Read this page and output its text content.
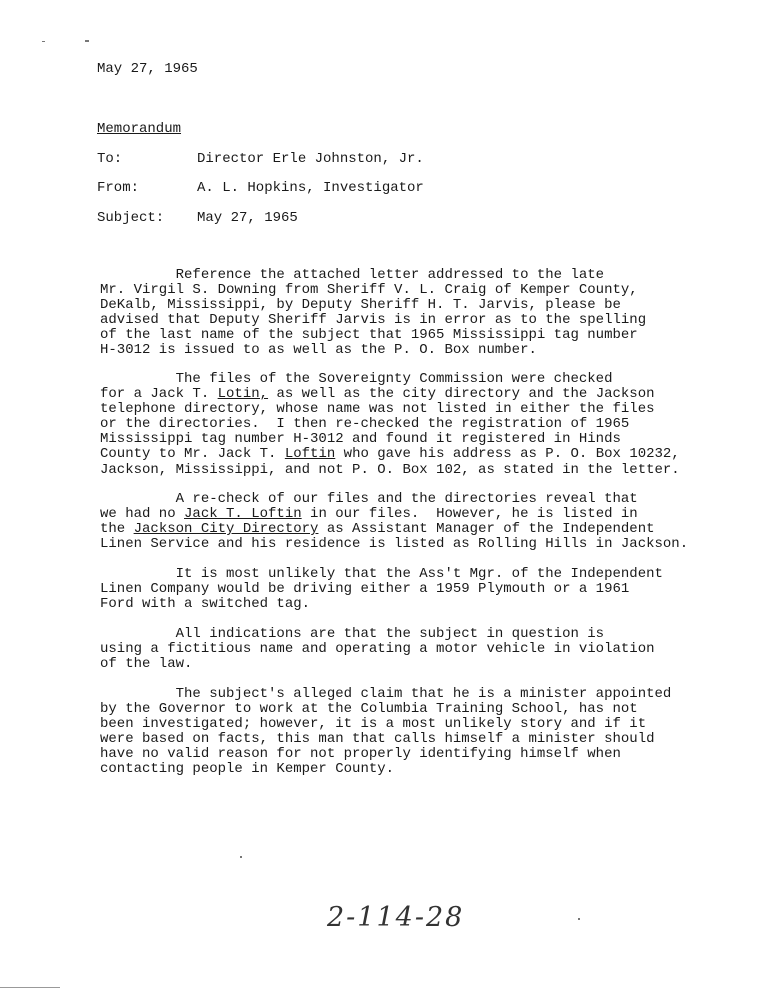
May 27, 1965
Memorandum
To:	Director Erle Johnston, Jr.
From:	A. L. Hopkins, Investigator
Subject: May 27, 1965
Reference the attached letter addressed to the late
Mr. Virgil S. Downing from Sheriff V. L. Craig of Kemper County,
DeKalb, Mississippi, by Deputy Sheriff H. T. Jarvis, please be
advised that Deputy Sheriff Jarvis is in error as to the spelling
of the last name of the subject that 1965 Mississippi tag number
H-3012 is issued to as well as the P. O. Box number.
The files of the Sovereignty Commission were checked
for a Jack T. Lotin, as well as the city directory and the Jackson
telephone directory, whose name was not listed in either the files
or the directories.  I then re-checked the registration of 1965
Mississippi tag number H-3012 and found it registered in Hinds
County to Mr. Jack T. Loftin who gave his address as P. O. Box 10232,
Jackson, Mississippi, and not P. O. Box 102, as stated in the letter.
A re-check of our files and the directories reveal that
we had no Jack T. Loftin in our files.  However, he is listed in
the Jackson City Directory as Assistant Manager of the Independent
Linen Service and his residence is listed as Rolling Hills in Jackson.
It is most unlikely that the Ass't Mgr. of the Independent
Linen Company would be driving either a 1959 Plymouth or a 1961
Ford with a switched tag.
All indications are that the subject in question is
using a fictitious name and operating a motor vehicle in violation
of the law.
The subject's alleged claim that he is a minister appointed
by the Governor to work at the Columbia Training School, has not
been investigated; however, it is a most unlikely story and if it
were based on facts, this man that calls himself a minister should
have no valid reason for not properly identifying himself when
contacting people in Kemper County.
2-114-28
